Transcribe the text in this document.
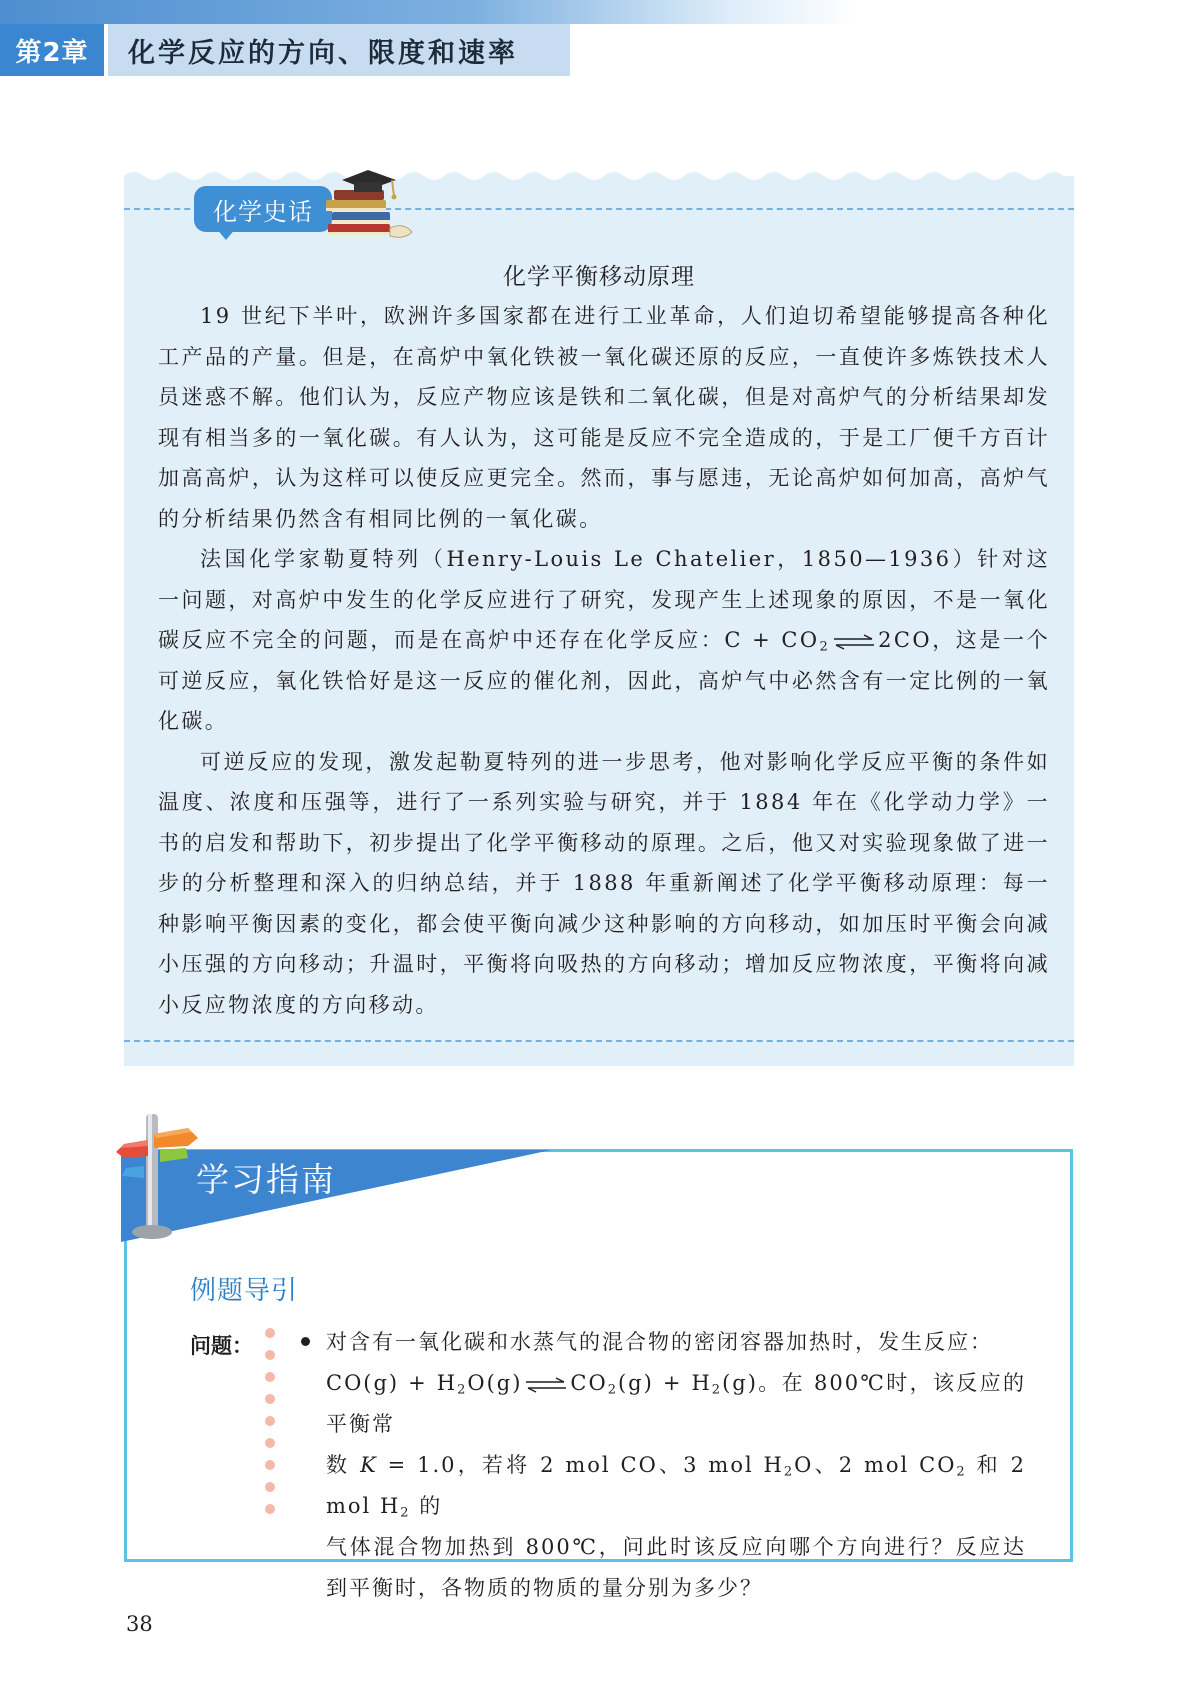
第2章	化学反应的方向、限度和速率
化学史话
化学平衡移动原理

19 世纪下半叶，欧洲许多国家都在进行工业革命，人们迫切希望能够提高各种化工产品的产量。但是，在高炉中氧化铁被一氧化碳还原的反应，一直使许多炼铁技术人员迷惑不解。他们认为，反应产物应该是铁和二氧化碳，但是对高炉气的分析结果却发现有相当多的一氧化碳。有人认为，这可能是反应不完全造成的，于是工厂便千方百计加高高炉，认为这样可以使反应更完全。然而，事与愿违，无论高炉如何加高，高炉气的分析结果仍然含有相同比例的一氧化碳。

法国化学家勒夏特列（Henry-Louis Le Chatelier，1850—1936）针对这一问题，对高炉中发生的化学反应进行了研究，发现产生上述现象的原因，不是一氧化碳反应不完全的问题，而是在高炉中还存在化学反应：$C + CO_2$ ⇌ 2CO，这是一个可逆反应，氧化铁恰好是这一反应的催化剂，因此，高炉气中必然含有一定比例的一氧化碳。

可逆反应的发现，激发起勒夏特列的进一步思考，他对影响化学反应平衡的条件如温度、浓度和压强等，进行了一系列实验与研究，并于 1884 年在《化学动力学》一书的启发和帮助下，初步提出了化学平衡移动的原理。之后，他又对实验现象做了进一步的分析整理和深入的归纳总结，并于 1888 年重新阐述了化学平衡移动原理：每一种影响平衡因素的变化，都会使平衡向减少这种影响的方向移动，如加压时平衡会向减小压强的方向移动；升温时，平衡将向吸热的方向移动；增加反应物浓度，平衡将向减小反应物浓度的方向移动。

学习指南
例题导引
问题：	对含有一氧化碳和水蒸气的混合物的密闭容器加热时，发生反应：

$CO(g) + H_2O(g)$ ⇌ $CO_2(g) + H_2(g)$。在 800℃时，该反应的平衡常

数 K = 1.0，若将 2 mol CO、3 mol $H_2O$、2 mol $CO_2$ 和 2 mol $H_2$ 的

气体混合物加热到 800℃，问此时该反应向哪个方向进行？反应达到平衡时，各物质的物质的量分别为多少？

38
